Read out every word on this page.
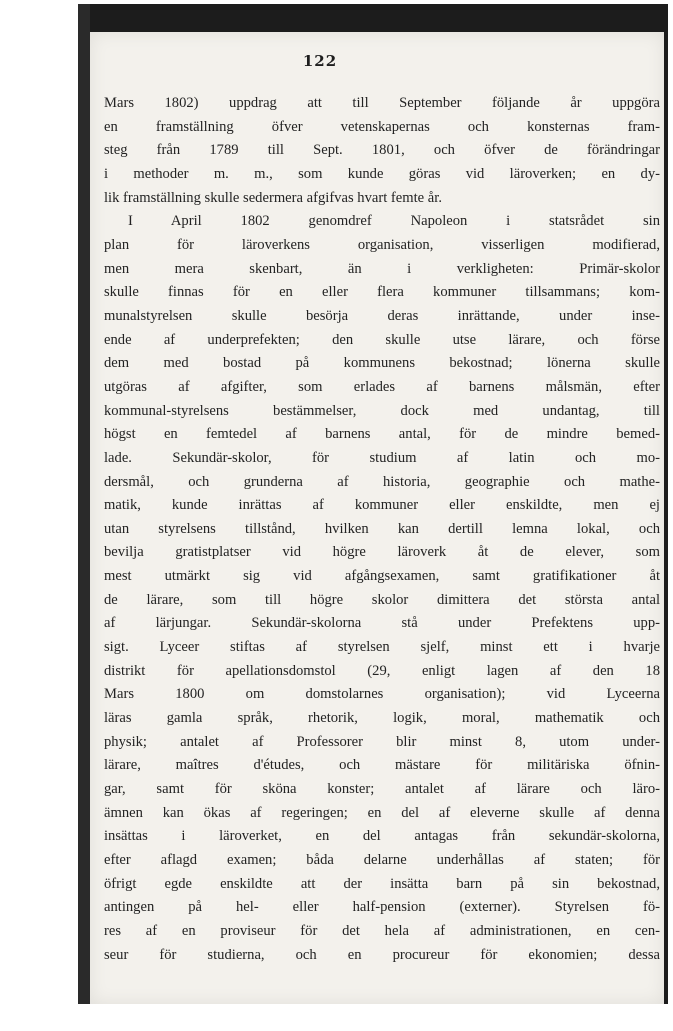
122
Mars 1802) uppdrag att till September följande år uppgöra
en framställning öfver vetenskapernas och konsternas fram-
steg från 1789 till Sept. 1801, och öfver de förändringar
i methoder m. m., som kunde göras vid läroverken; en dy-
lik framställning skulle sedermera afgifvas hvart femte år.
I April 1802 genomdref Napoleon i statsrådet sin
plan för läroverkens organisation, visserligen modifierad,
men mera skenbart, än i verkligheten: Primär-skolor
skulle finnas för en eller flera kommuner tillsammans; kom-
munalstyrelsen skulle besörja deras inrättande, under inse-
ende af underprefekten; den skulle utse lärare, och förse
dem med bostad på kommunens bekostnad; lönerna skulle
utgöras af afgifter, som erlades af barnens målsmän, efter
kommunal-styrelsens bestämmelser, dock med undantag, till
högst en femtedel af barnens antal, för de mindre bemed-
lade. Sekundär-skolor, för studium af latin och mo-
dersmål, och grunderna af historia, geographie och mathe-
matik, kunde inrättas af kommuner eller enskildte, men ej
utan styrelsens tillstånd, hvilken kan dertill lemna lokal, och
bevilja gratistplatser vid högre läroverk åt de elever, som
mest utmärkt sig vid afgångsexamen, samt gratifikationer åt
de lärare, som till högre skolor dimittera det största antal
af lärjungar. Sekundär-skolorna stå under Prefektens upp-
sigt. Lyceer stiftas af styrelsen sjelf, minst ett i hvarje
distrikt för apellationsdomstol (29, enligt lagen af den 18
Mars 1800 om domstolarnes organisation); vid Lyceerna
läras gamla språk, rhetorik, logik, moral, mathematik och
physik; antalet af Professorer blir minst 8, utom under-
lärare, maîtres d'études, och mästare för militäriska öfnin-
gar, samt för sköna konster; antalet af lärare och läro-
ämnen kan ökas af regeringen; en del af eleverne skulle af denna
insättas i läroverket, en del antagas från sekundär-skolorna,
efter aflagd examen; båda delarne underhållas af staten; för
öfrigt egde enskildte att der insätta barn på sin bekostnad,
antingen på hel- eller half-pension (externer). Styrelsen fö-
res af en proviseur för det hela af administrationen, en cen-
seur för studierna, och en procureur för ekonomien; dessa
